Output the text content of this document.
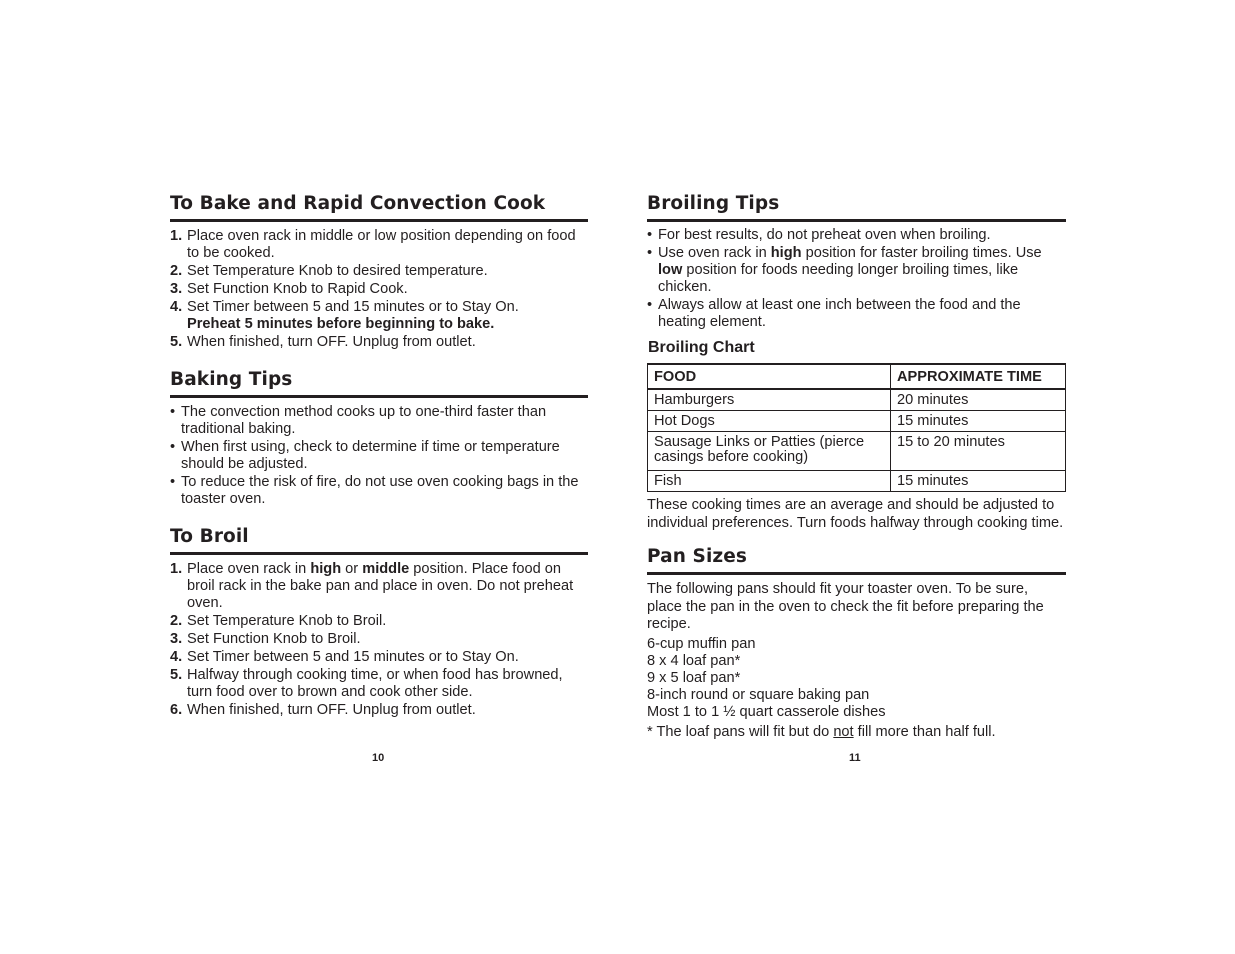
To Bake and Rapid Convection Cook
1. Place oven rack in middle or low position depending on food to be cooked.
2. Set Temperature Knob to desired temperature.
3. Set Function Knob to Rapid Cook.
4. Set Timer between 5 and 15 minutes or to Stay On.
Preheat 5 minutes before beginning to bake.
5. When finished, turn OFF. Unplug from outlet.
Baking Tips
• The convection method cooks up to one-third faster than traditional baking.
• When first using, check to determine if time or temperature should be adjusted.
• To reduce the risk of fire, do not use oven cooking bags in the toaster oven.
To Broil
1. Place oven rack in high or middle position. Place food on broil rack in the bake pan and place in oven. Do not preheat oven.
2. Set Temperature Knob to Broil.
3. Set Function Knob to Broil.
4. Set Timer between 5 and 15 minutes or to Stay On.
5. Halfway through cooking time, or when food has browned, turn food over to brown and cook other side.
6. When finished, turn OFF. Unplug from outlet.
10
Broiling Tips
• For best results, do not preheat oven when broiling.
• Use oven rack in high position for faster broiling times. Use low position for foods needing longer broiling times, like chicken.
• Always allow at least one inch between the food and the heating element.
Broiling Chart
FOOD	APPROXIMATE TIME
Hamburgers	20 minutes
Hot Dogs	15 minutes
Sausage Links or Patties (pierce casings before cooking)	15 to 20 minutes
Fish	15 minutes

These cooking times are an average and should be adjusted to individual preferences. Turn foods halfway through cooking time.

Pan Sizes

The following pans should fit your toaster oven. To be sure, place the pan in the oven to check the fit before preparing the recipe.

6-cup muffin pan

8 x 4 loaf pan*

9 x 5 loaf pan*

8-inch round or square baking pan

Most 1 to 1 ½ quart casserole dishes

* The loaf pans will fit but do not fill more than half full.

11
